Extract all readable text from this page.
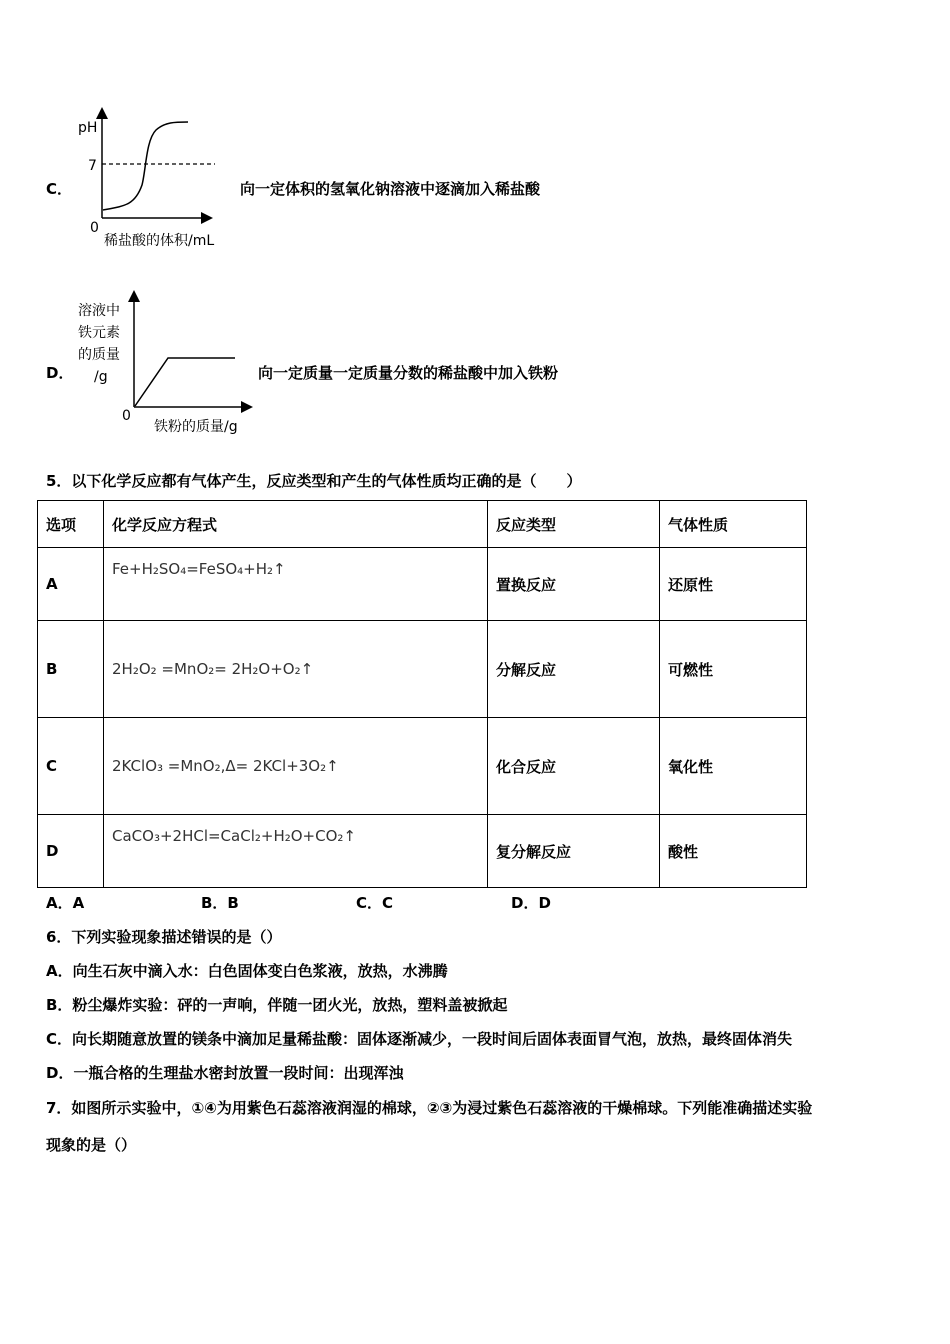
C．
pH
7
0
稀盐酸的体积/mL
向一定体积的氢氧化钠溶液中逐滴加入稀盐酸
D．
溶液中
铁元素
的质量
/g
0
铁粉的质量/g
向一定质量一定质量分数的稀盐酸中加入铁粉
5．以下化学反应都有气体产生，反应类型和产生的气体性质均正确的是（　　）
选项	化学反应方程式	反应类型	气体性质
A	Fe+H₂SO₄=FeSO₄+H₂↑	置换反应	还原性
B	2H₂O₂ =MnO₂= 2H₂O+O₂↑	分解反应	可燃性
C	2KClO₃ =MnO₂,Δ= 2KCl+3O₂↑	化合反应	氧化性
D	CaCO₃+2HCl=CaCl₂+H₂O+CO₂↑	复分解反应	酸性
A．A	B．B	C．C	D．D
6．下列实验现象描述错误的是（）
A．向生石灰中滴入水：白色固体变白色浆液，放热，水沸腾
B．粉尘爆炸实验：砰的一声响，伴随一团火光，放热，塑料盖被掀起
C．向长期随意放置的镁条中滴加足量稀盐酸：固体逐渐减少，一段时间后固体表面冒气泡，放热，最终固体消失
D．一瓶合格的生理盐水密封放置一段时间：出现浑浊
7．如图所示实验中，①④为用紫色石蕊溶液润湿的棉球，②③为浸过紫色石蕊溶液的干燥棉球。下列能准确描述实验
现象的是（）
